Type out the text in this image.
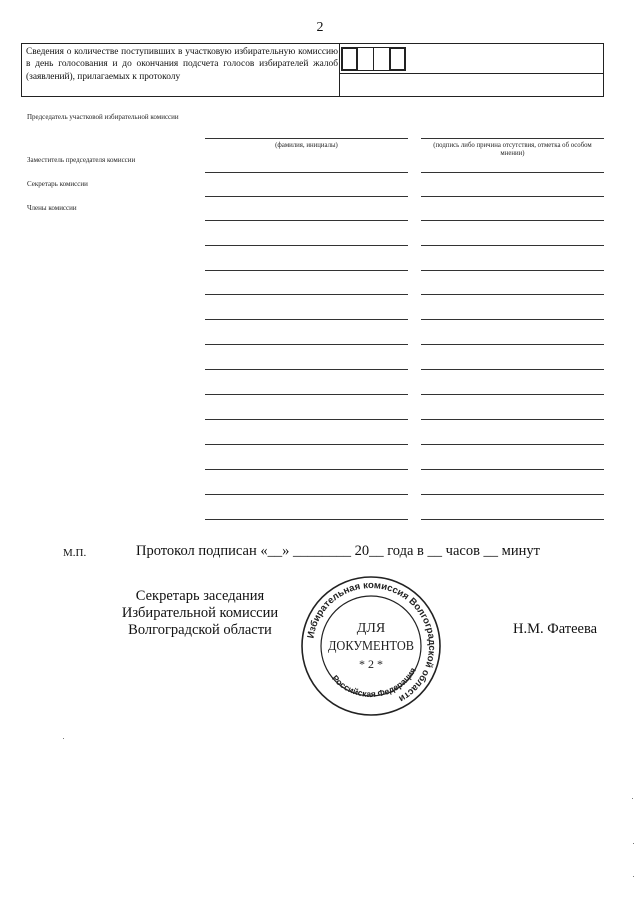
2
Сведения о количестве поступивших в участковую избирательную комиссию в день голосования и до окончания подсчета голосов избирателей жалоб (заявлений), прилагаемых к протоколу
Председатель участковой избирательной комиссии
Заместитель председателя комиссии
Секретарь комиссии
Члены комиссии
(фамилия, инициалы)	(подпись либо причина отсутствия, отметка об особом мнении)
М.П.	Протокол подписан «__» ________ 20__ года в __ часов __ минут
Секретарь заседания
Избирательной комиссии
Волгоградской области	Н.М. Фатеева
Избирательная комиссия Волгоградской области
Российская Федерация
ДЛЯ
ДОКУМЕНТОВ
* 2 *
